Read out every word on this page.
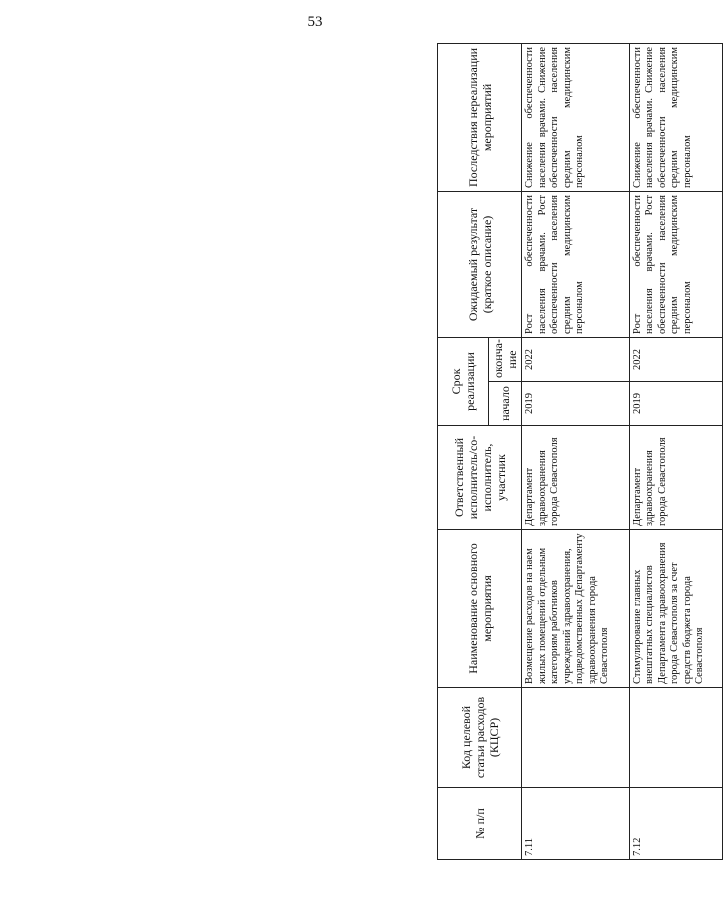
53
№ п/п	Код целевой статьи расходов (КЦСР)	Наименование основного мероприятия	Ответственный исполнитель/со-исполнитель, участник	Срок реализации		Ожидаемый результат (краткое описание)	Последствия нереализации мероприятий
				начало	оконча-ние		
7.11		Возмещение расходов на наем жилых помещений отдельным категориям работников учреждений здравоохранения, подведомственных Департаменту здравоохранения города Севастополя	Департамент здравоохранения города Севастополя	2019	2022	Рост обеспеченности населения врачами. Рост обеспеченности населения средним медицинским персоналом	Снижение обеспеченности населения врачами. Снижение обеспеченности населения средним медицинским персоналом
7.12		Стимулирование главных внештатных специалистов Департамента здравоохранения города Севастополя за счет средств бюджета города Севастополя	Департамент здравоохранения города Севастополя	2019	2022	Рост обеспеченности населения врачами. Рост обеспеченности населения средним медицинским персоналом	Снижение обеспеченности населения врачами. Снижение обеспеченности населения средним медицинским персоналом
